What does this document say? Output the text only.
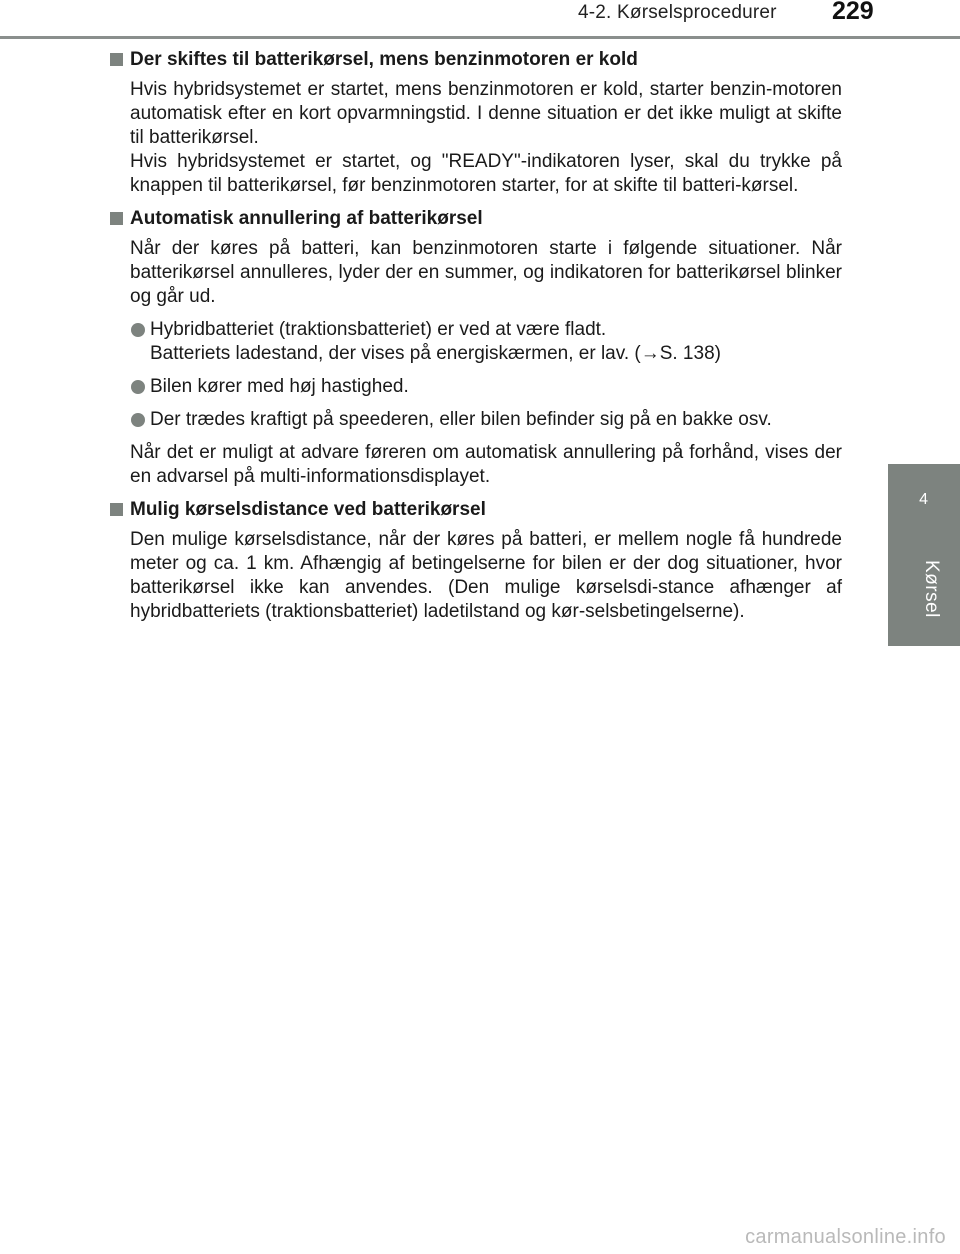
4-2. Kørselsprocedurer 229
4
Kørsel
Der skiftes til batterikørsel, mens benzinmotoren er kold
Hvis hybridsystemet er startet, mens benzinmotoren er kold, starter benzin-motoren automatisk efter en kort opvarmningstid. I denne situation er det ikke muligt at skifte til batterikørsel.
Hvis hybridsystemet er startet, og "READY"-indikatoren lyser, skal du trykke på knappen til batterikørsel, før benzinmotoren starter, for at skifte til batteri-kørsel.
Automatisk annullering af batterikørsel
Når der køres på batteri, kan benzinmotoren starte i følgende situationer. Når batterikørsel annulleres, lyder der en summer, og indikatoren for batterikørsel blinker og går ud.
Hybridbatteriet (traktionsbatteriet) er ved at være fladt.
Batteriets ladestand, der vises på energiskærmen, er lav. (→S. 138)
Bilen kører med høj hastighed.
Der trædes kraftigt på speederen, eller bilen befinder sig på en bakke osv.
Når det er muligt at advare føreren om automatisk annullering på forhånd, vises der en advarsel på multi-informationsdisplayet.
Mulig kørselsdistance ved batterikørsel
Den mulige kørselsdistance, når der køres på batteri, er mellem nogle få hundrede meter og ca. 1 km. Afhængig af betingelserne for bilen er der dog situationer, hvor batterikørsel ikke kan anvendes. (Den mulige kørselsdi-stance afhænger af hybridbatteriets (traktionsbatteriet) ladetilstand og kør-selsbetingelserne).
carmanualsonline.info
